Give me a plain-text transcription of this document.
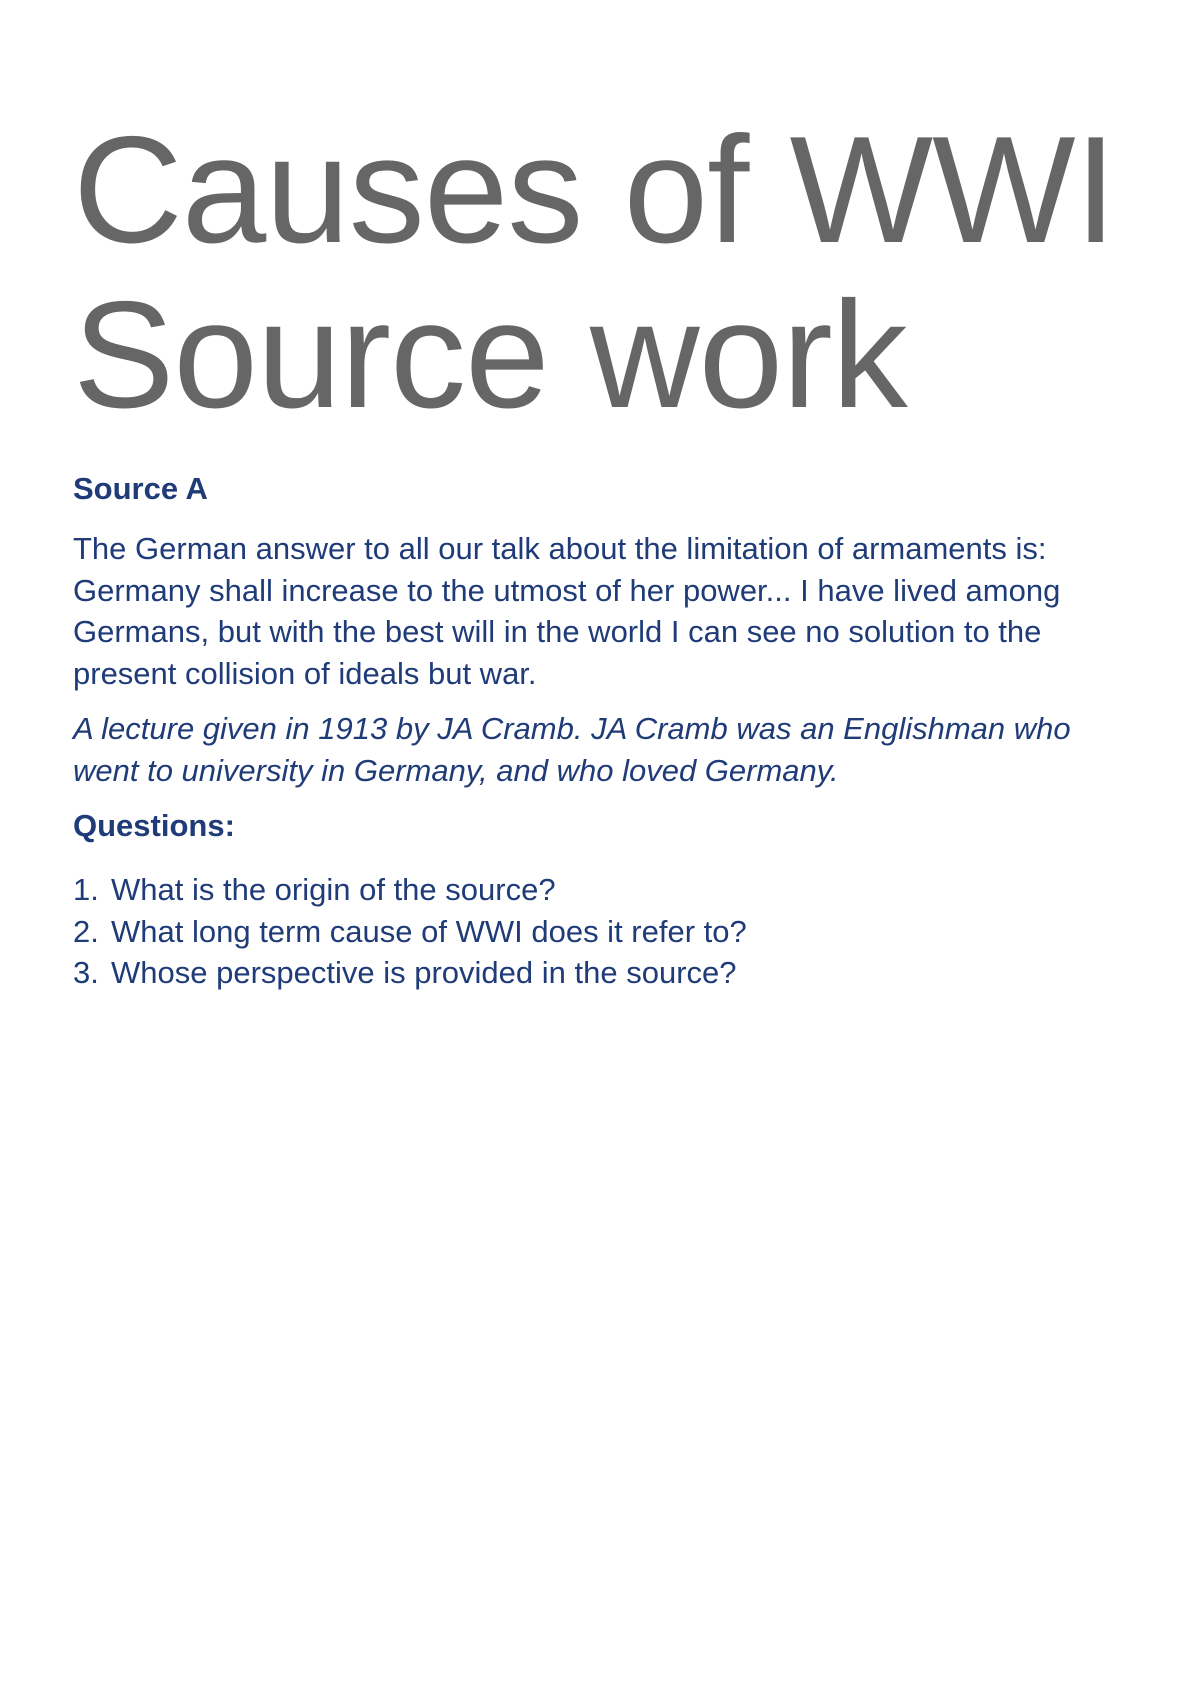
Causes of WWI
Source work
Source A

The German answer to all our talk about the limitation of armaments is: Germany shall increase to the utmost of her power... I have lived among Germans, but with the best will in the world I can see no solution to the present collision of ideals but war.

A lecture given in 1913 by JA Cramb. JA Cramb was an Englishman who went to university in Germany, and who loved Germany.

Questions:
1. What is the origin of the source?
2. What long term cause of WWI does it refer to?
3. Whose perspective is provided in the source?
